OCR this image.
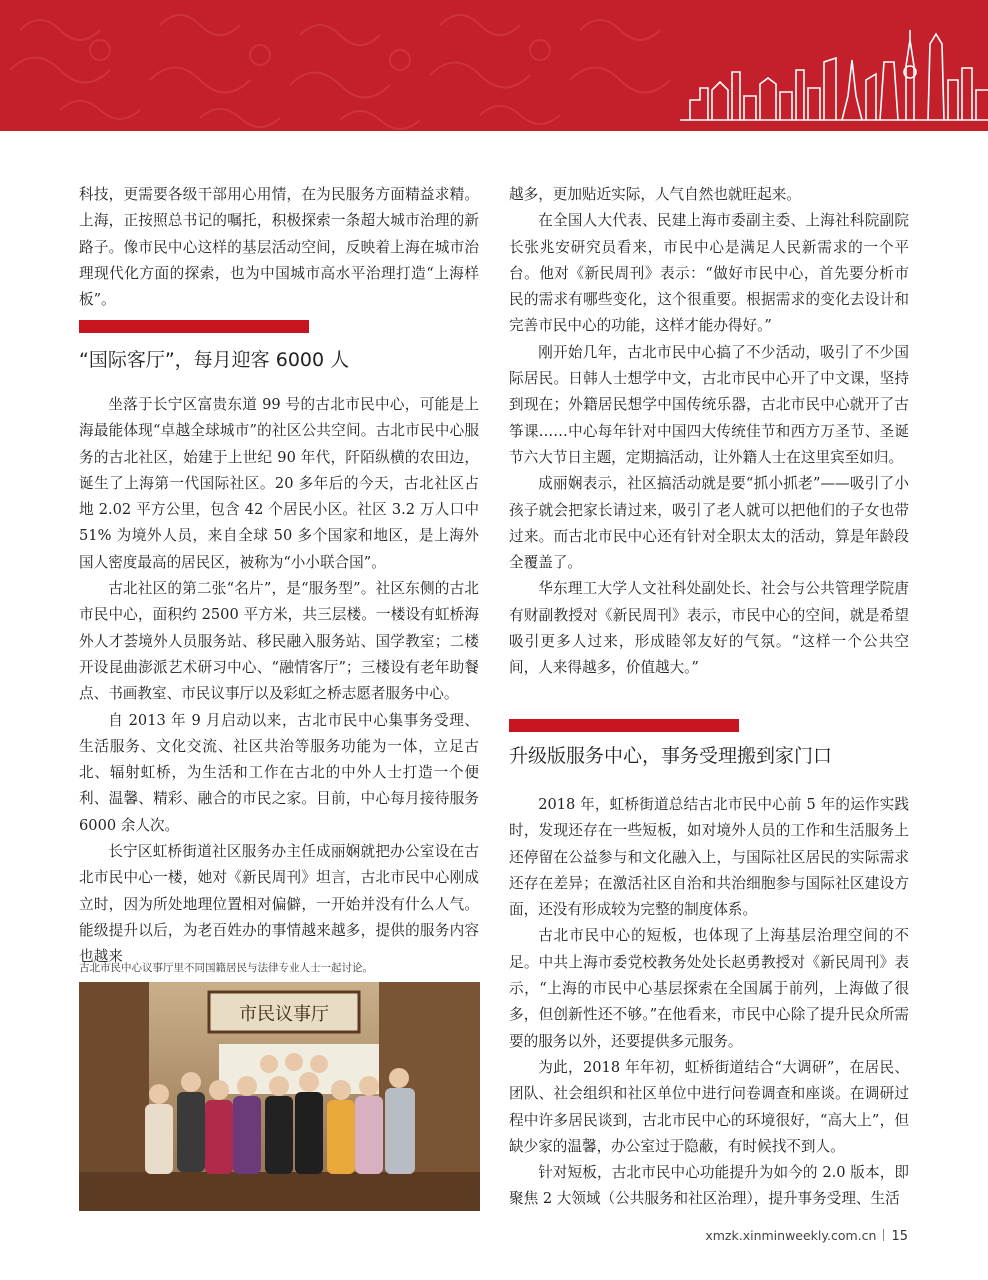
科技，更需要各级干部用心用情，在为民服务方面精益求精。上海，正按照总书记的嘱托，积极探索一条超大城市治理的新路子。像市民中心这样的基层活动空间，反映着上海在城市治理现代化方面的探索，也为中国城市高水平治理打造“上海样板”。

“国际客厅”，每月迎客 6000 人

坐落于长宁区富贵东道 99 号的古北市民中心，可能是上海最能体现“卓越全球城市”的社区公共空间。古北市民中心服务的古北社区，始建于上世纪 90 年代，阡陌纵横的农田边，诞生了上海第一代国际社区。20 多年后的今天，古北社区占地 2.02 平方公里，包含 42 个居民小区。社区 3.2 万人口中 51% 为境外人员，来自全球 50 多个国家和地区，是上海外国人密度最高的居民区，被称为“小小联合国”。

古北社区的第二张“名片”，是“服务型”。社区东侧的古北市民中心，面积约 2500 平方米，共三层楼。一楼设有虹桥海外人才荟境外人员服务站、移民融入服务站、国学教室；二楼开设昆曲澎派艺术研习中心、“融情客厅”；三楼设有老年助餐点、书画教室、市民议事厅以及彩虹之桥志愿者服务中心。

自 2013 年 9 月启动以来，古北市民中心集事务受理、生活服务、文化交流、社区共治等服务功能为一体，立足古北、辐射虹桥，为生活和工作在古北的中外人士打造一个便利、温馨、精彩、融合的市民之家。目前，中心每月接待服务 6000 余人次。

长宁区虹桥街道社区服务办主任成丽娴就把办公室设在古北市民中心一楼，她对《新民周刊》坦言，古北市民中心刚成立时，因为所处地理位置相对偏僻，一开始并没有什么人气。能级提升以后，为老百姓办的事情越来越多，提供的服务内容也越来

古北市民中心议事厅里不同国籍居民与法律专业人士一起讨论。
市民议事厅

越多，更加贴近实际，人气自然也就旺起来。

在全国人大代表、民建上海市委副主委、上海社科院副院长张兆安研究员看来，市民中心是满足人民新需求的一个平台。他对《新民周刊》表示：“做好市民中心，首先要分析市民的需求有哪些变化，这个很重要。根据需求的变化去设计和完善市民中心的功能，这样才能办得好。”

刚开始几年，古北市民中心搞了不少活动，吸引了不少国际居民。日韩人士想学中文，古北市民中心开了中文课，坚持到现在；外籍居民想学中国传统乐器，古北市民中心就开了古筝课……中心每年针对中国四大传统佳节和西方万圣节、圣诞节六大节日主题，定期搞活动，让外籍人士在这里宾至如归。

成丽娴表示，社区搞活动就是要“抓小抓老”——吸引了小孩子就会把家长请过来，吸引了老人就可以把他们的子女也带过来。而古北市民中心还有针对全职太太的活动，算是年龄段全覆盖了。

华东理工大学人文社科处副处长、社会与公共管理学院唐有财副教授对《新民周刊》表示，市民中心的空间，就是希望吸引更多人过来，形成睦邻友好的气氛。“这样一个公共空间，人来得越多，价值越大。”

升级版服务中心，事务受理搬到家门口

2018 年，虹桥街道总结古北市民中心前 5 年的运作实践时，发现还存在一些短板，如对境外人员的工作和生活服务上还停留在公益参与和文化融入上，与国际社区居民的实际需求还存在差异；在激活社区自治和共治细胞参与国际社区建设方面，还没有形成较为完整的制度体系。

古北市民中心的短板，也体现了上海基层治理空间的不足。中共上海市委党校教务处处长赵勇教授对《新民周刊》表示，“上海的市民中心基层探索在全国属于前列，上海做了很多，但创新性还不够。”在他看来，市民中心除了提升民众所需要的服务以外，还要提供多元服务。

为此，2018 年年初，虹桥街道结合“大调研”，在居民、团队、社会组织和社区单位中进行问卷调查和座谈。在调研过程中许多居民谈到，古北市民中心的环境很好，“高大上”，但缺少家的温馨，办公室过于隐蔽，有时候找不到人。

针对短板，古北市民中心功能提升为如今的 2.0 版本，即聚焦 2 大领域（公共服务和社区治理），提升事务受理、生活

xmzk.xinminweekly.com.cn 15
